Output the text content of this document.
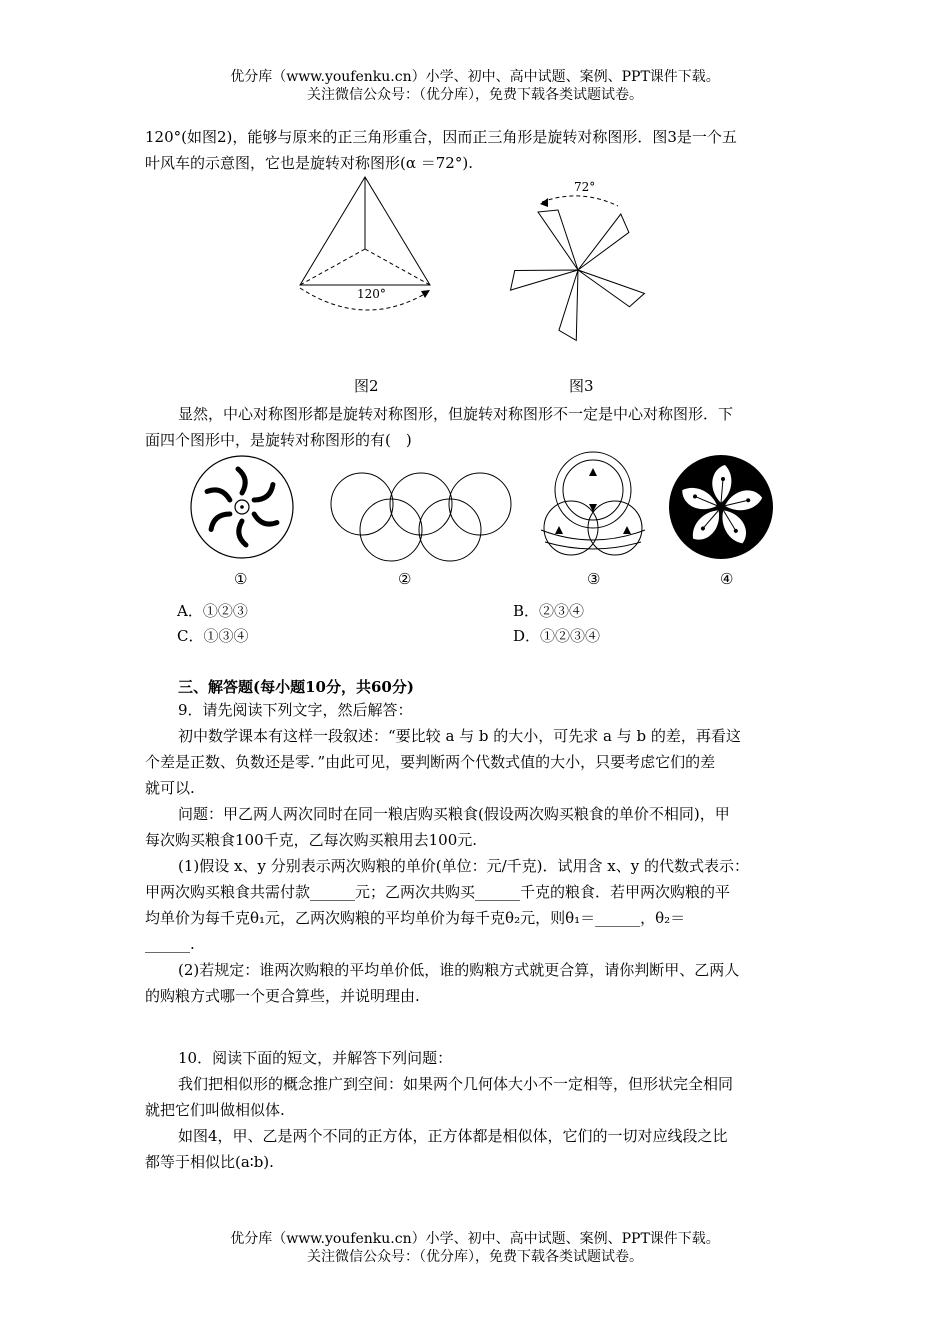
优分库（www.youfenku.cn）小学、初中、高中试题、案例、PPT课件下载。
关注微信公众号：（优分库），免费下载各类试题试卷。
120°(如图2)，能够与原来的正三角形重合，因而正三角形是旋转对称图形．图3是一个五
叶风车的示意图，它也是旋转对称图形(α ＝72°).
120°
72°
图2	图3
显然，中心对称图形都是旋转对称图形，但旋转对称图形不一定是中心对称图形．下
面四个图形中，是旋转对称图形的有(　)
①	②	③	④
A．①②③	B．②③④
C．①③④	D．①②③④
三、解答题(每小题10分，共60分)
9．请先阅读下列文字，然后解答：
初中数学课本有这样一段叙述：“要比较 a 与 b 的大小，可先求 a 与 b 的差，再看这
个差是正数、负数还是零．”由此可见，要判断两个代数式值的大小，只要考虑它们的差
就可以.
问题：甲乙两人两次同时在同一粮店购买粮食(假设两次购买粮食的单价不相同)，甲
每次购买粮食100千克，乙每次购买粮用去100元.
(1)假设 x、y 分别表示两次购粮的单价(单位：元/千克)．试用含 x、y 的代数式表示：
甲两次购买粮食共需付款______元；乙两次共购买______千克的粮食．若甲两次购粮的平
均单价为每千克θ₁元，乙两次购粮的平均单价为每千克θ₂元，则θ₁＝______，θ₂＝
______.
(2)若规定：谁两次购粮的平均单价低，谁的购粮方式就更合算，请你判断甲、乙两人
的购粮方式哪一个更合算些，并说明理由.
10．阅读下面的短文，并解答下列问题：
我们把相似形的概念推广到空间：如果两个几何体大小不一定相等，但形状完全相同
就把它们叫做相似体.
如图4，甲、乙是两个不同的正方体，正方体都是相似体，它们的一切对应线段之比
都等于相似比(a∶b).
优分库（www.youfenku.cn）小学、初中、高中试题、案例、PPT课件下载。
关注微信公众号：（优分库），免费下载各类试题试卷。
